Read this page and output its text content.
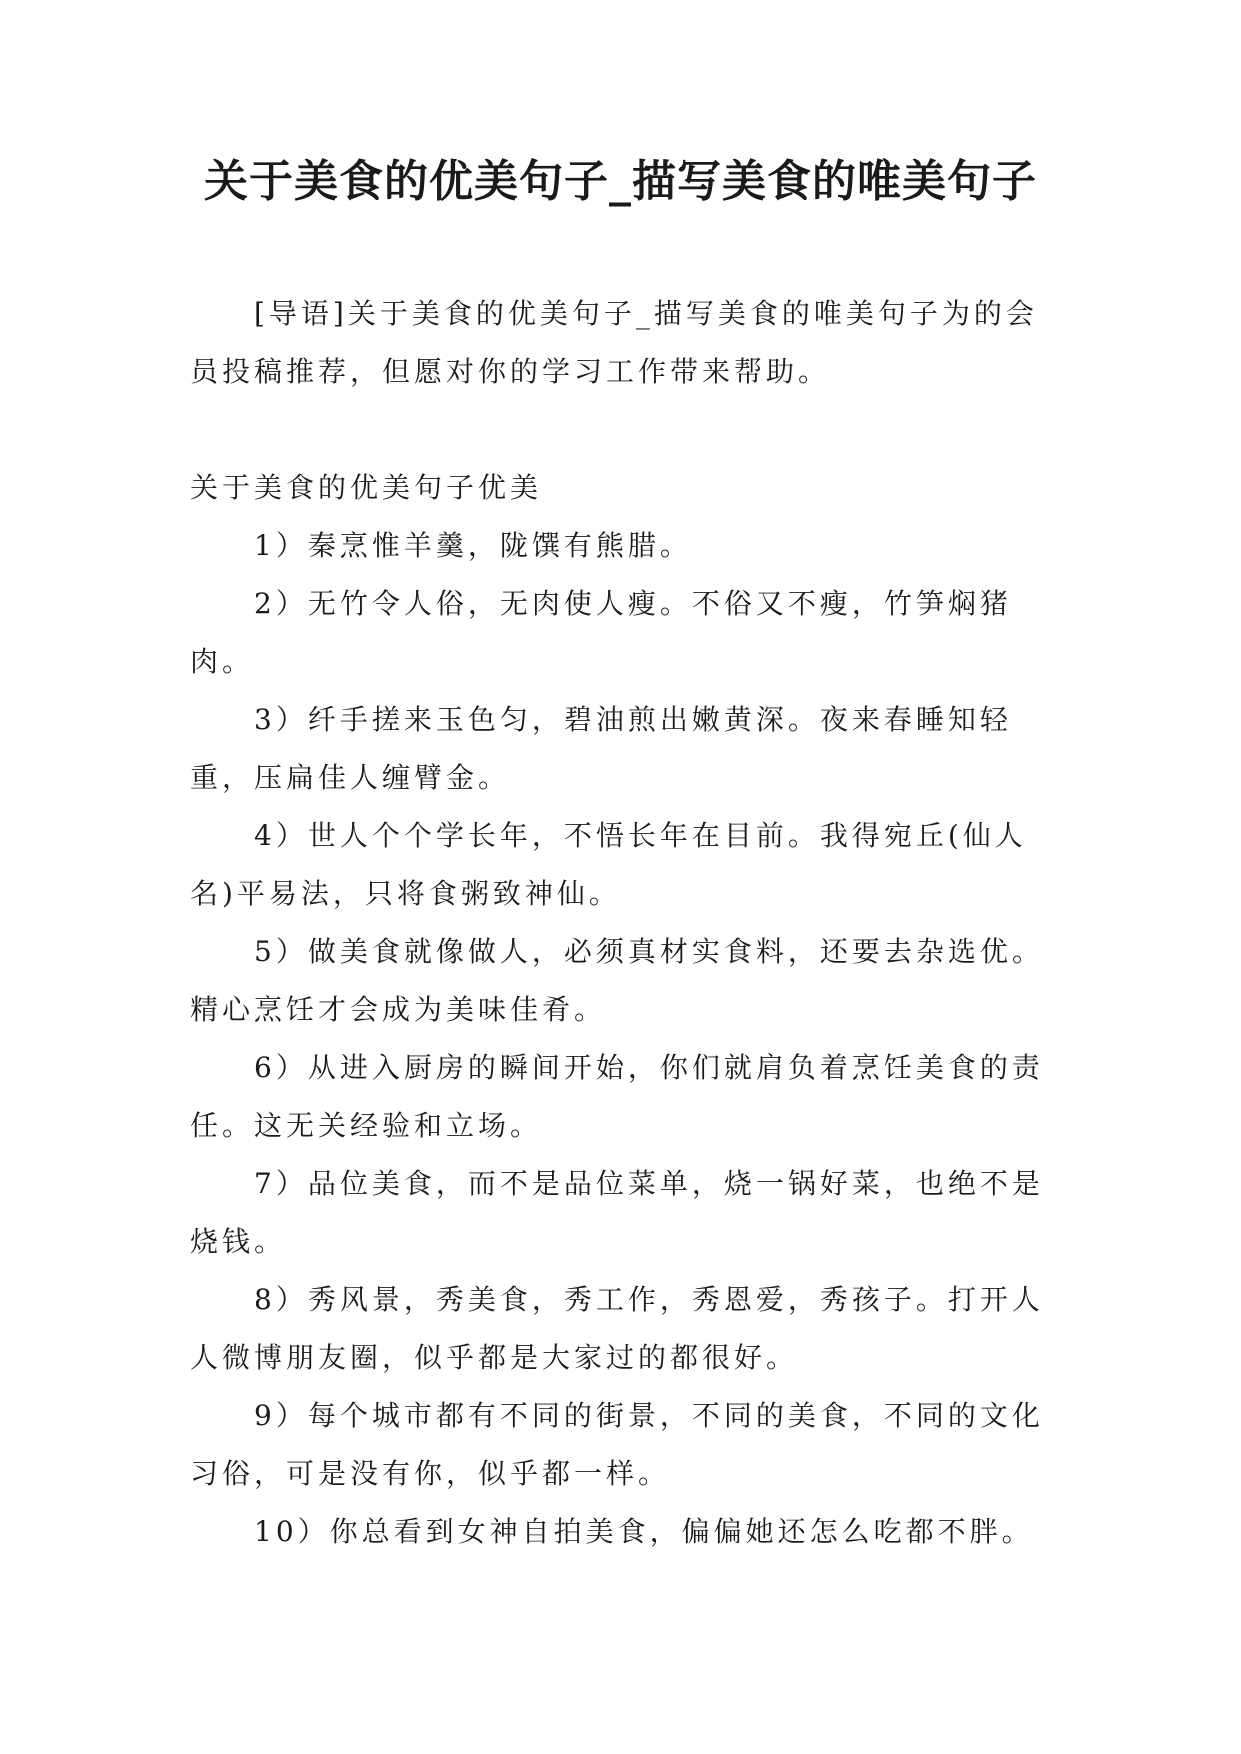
关于美食的优美句子_描写美食的唯美句子

[导语]关于美食的优美句子_描写美食的唯美句子为的会员投稿推荐，但愿对你的学习工作带来帮助。

关于美食的优美句子优美

1）秦烹惟羊羹，陇馔有熊腊。

2）无竹令人俗，无肉使人瘦。不俗又不瘦，竹笋焖猪肉。

3）纤手搓来玉色匀，碧油煎出嫩黄深。夜来春睡知轻重，压扁佳人缠臂金。

4）世人个个学长年，不悟长年在目前。我得宛丘(仙人名)平易法，只将食粥致神仙。

5）做美食就像做人，必须真材实食料，还要去杂选优。精心烹饪才会成为美味佳肴。

6）从进入厨房的瞬间开始，你们就肩负着烹饪美食的责任。这无关经验和立场。

7）品位美食，而不是品位菜单，烧一锅好菜，也绝不是烧钱。

8）秀风景，秀美食，秀工作，秀恩爱，秀孩子。打开人人微博朋友圈，似乎都是大家过的都很好。

9）每个城市都有不同的街景，不同的美食，不同的文化习俗，可是没有你，似乎都一样。

10）你总看到女神自拍美食，偏偏她还怎么吃都不胖。
